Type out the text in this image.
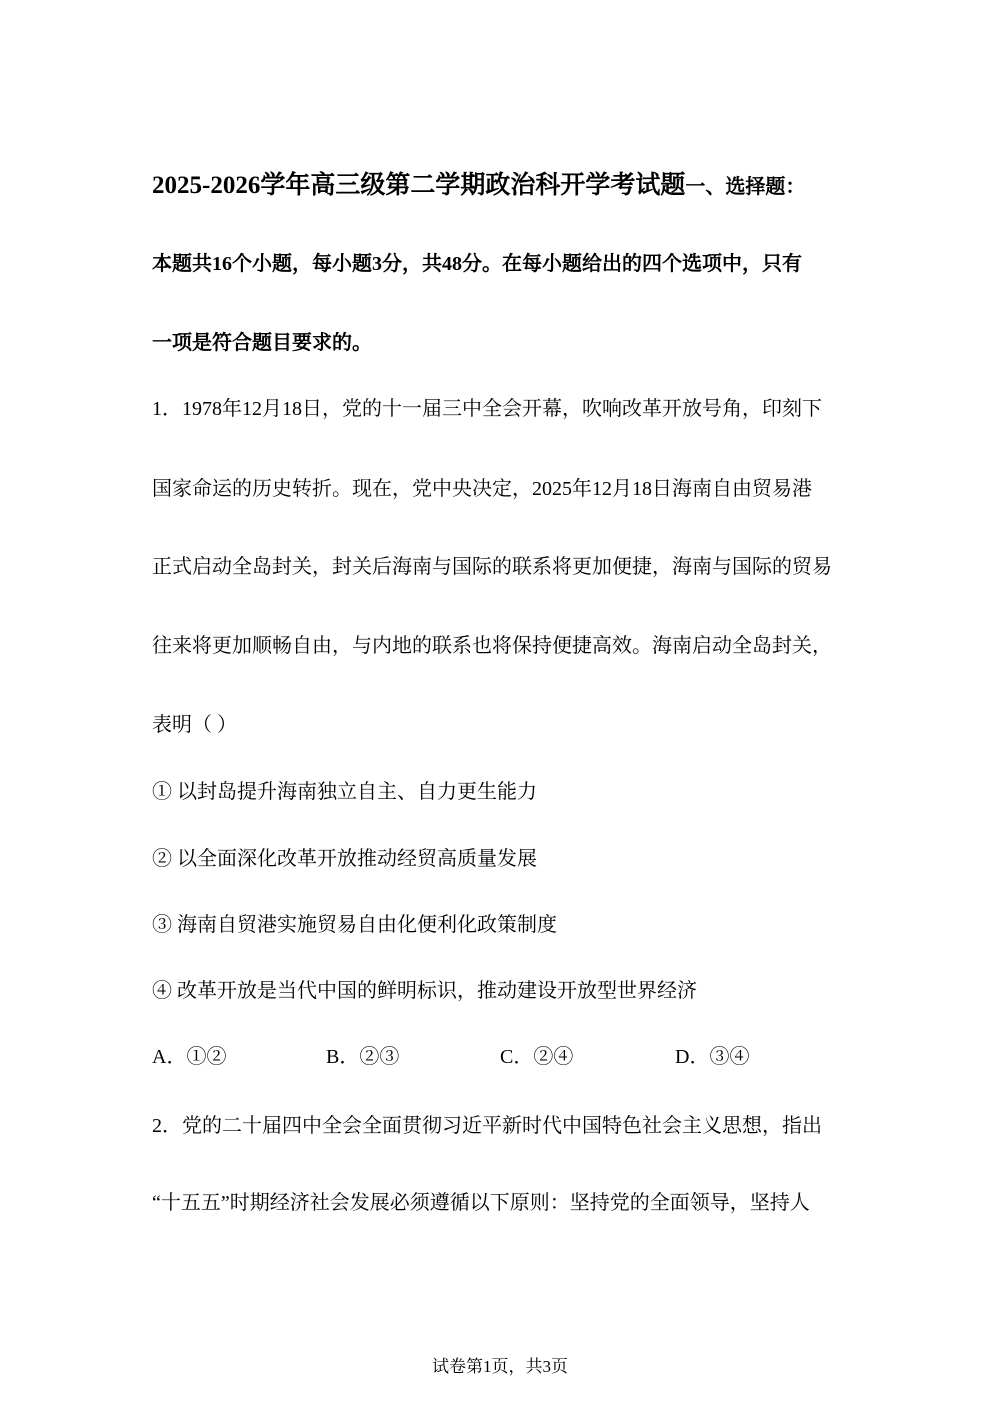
2025-2026学年高三级第二学期政治科开学考试题一、选择题：
本题共16个小题，每小题3分，共48分。在每小题给出的四个选项中，只有
一项是符合题目要求的。
1．1978年12月18日，党的十一届三中全会开幕，吹响改革开放号角，印刻下
国家命运的历史转折。现在，党中央决定，2025年12月18日海南自由贸易港
正式启动全岛封关，封关后海南与国际的联系将更加便捷，海南与国际的贸易
往来将更加顺畅自由，与内地的联系也将保持便捷高效。海南启动全岛封关，
表明（ ）
① 以封岛提升海南独立自主、自力更生能力
② 以全面深化改革开放推动经贸高质量发展
③ 海南自贸港实施贸易自由化便利化政策制度
④ 改革开放是当代中国的鲜明标识，推动建设开放型世界经济
A．①②	B．②③	C．②④	D．③④
2．党的二十届四中全会全面贯彻习近平新时代中国特色社会主义思想，指出
“十五五”时期经济社会发展必须遵循以下原则：坚持党的全面领导，坚持人
试卷第1页，共3页
